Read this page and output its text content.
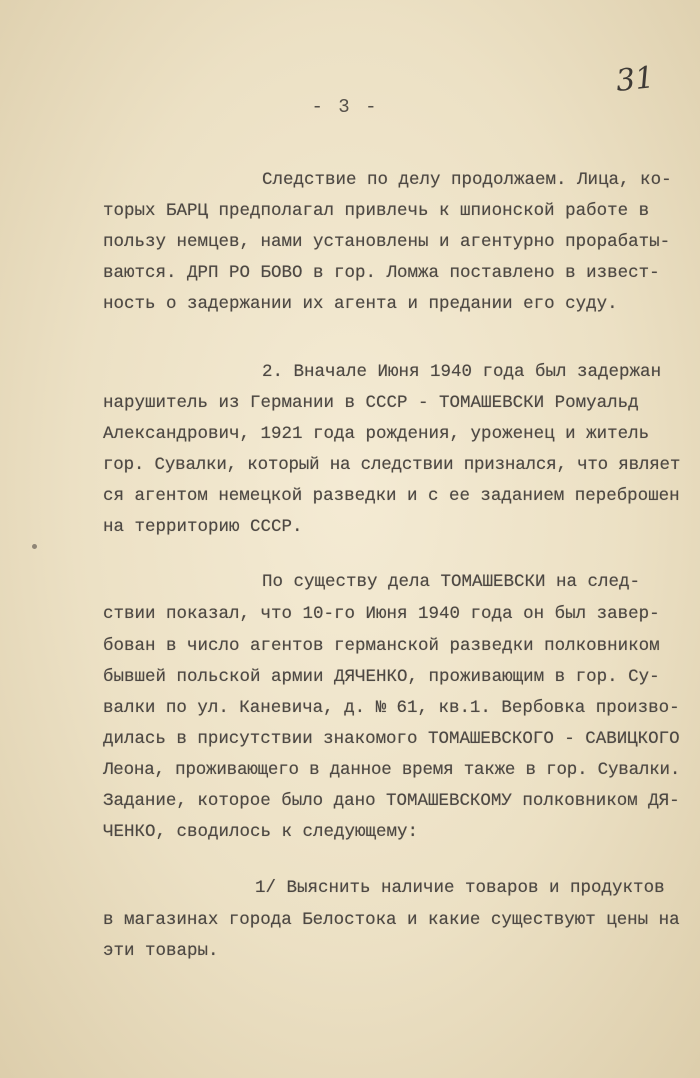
31
- 3 -
Следствие по делу продолжаем. Лица, ко-
торых БАРЦ предполагал привлечь к шпионской работе в
пользу немцев, нами установлены и агентурно прорабаты-
ваются. ДРП РО БОВО в гор. Ломжа поставлено в извест-
ность о задержании их агента и предании его суду.
2. Вначале Июня 1940 года был задержан
нарушитель из Германии в СССР - ТОМАШЕВСКИ Ромуальд
Александрович, 1921 года рождения, уроженец и житель
гор. Сувалки, который на следствии признался, что являет
ся агентом немецкой разведки и с ее заданием переброшен
на территорию СССР.
По существу дела ТОМАШЕВСКИ на след-
ствии показал, что 10-го Июня 1940 года он был завер-
бован в число агентов германской разведки полковником
бывшей польской армии ДЯЧЕНКО, проживающим в гор. Су-
валки по ул. Каневича, д. № 61, кв.1. Вербовка произво-
дилась в присутствии знакомого ТОМАШЕВСКОГО - САВИЦКОГО
Леона, проживающего в данное время также в гор. Сувалки.
Задание, которое было дано ТОМАШЕВСКОМУ полковником ДЯ-
ЧЕНКО, сводилось к следующему:
1/ Выяснить наличие товаров и продуктов
в магазинах города Белостока и какие существуют цены на
эти товары.
